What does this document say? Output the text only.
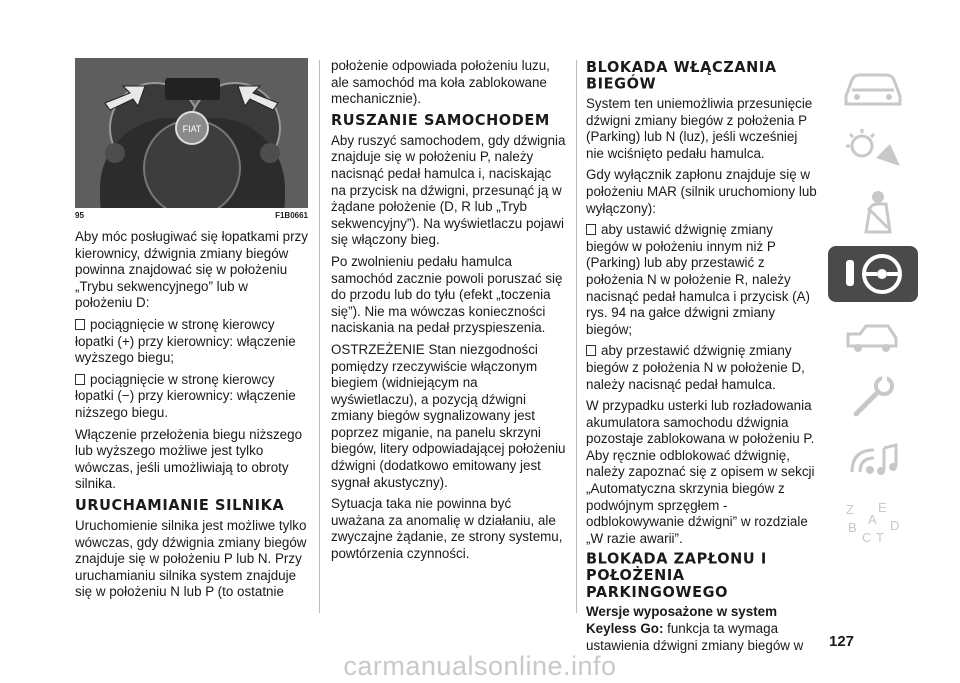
FIAT
95	F1B0661

Aby móc posługiwać się łopatkami przy kierownicy, dźwignia zmiany biegów powinna znajdować się w położeniu „Trybu sekwencyjnego” lub w położeniu D:

pociągnięcie w stronę kierowcy łopatki (+) przy kierownicy: włączenie wyższego biegu;

pociągnięcie w stronę kierowcy łopatki (−) przy kierownicy: włączenie niższego biegu.

Włączenie przełożenia biegu niższego lub wyższego możliwe jest tylko wówczas, jeśli umożliwiają to obroty silnika.

URUCHAMIANIE SILNIKA

Uruchomienie silnika jest możliwe tylko wówczas, gdy dźwignia zmiany biegów znajduje się w położeniu P lub N. Przy uruchamianiu silnika system znajduje się w położeniu N lub P (to ostatnie

położenie odpowiada położeniu luzu, ale samochód ma koła zablokowane mechanicznie).

RUSZANIE SAMOCHODEM

Aby ruszyć samochodem, gdy dźwignia znajduje się w położeniu P, należy nacisnąć pedał hamulca i, naciskając na przycisk na dźwigni, przesunąć ją w żądane położenie (D, R lub „Tryb sekwencyjny”). Na wyświetlaczu pojawi się włączony bieg.

Po zwolnieniu pedału hamulca samochód zacznie powoli poruszać się do przodu lub do tyłu (efekt „toczenia się”). Nie ma wówczas konieczności naciskania na pedał przyspieszenia.

OSTRZEŻENIE Stan niezgodności pomiędzy rzeczywiście włączonym biegiem (widniejącym na wyświetlaczu), a pozycją dźwigni zmiany biegów sygnalizowany jest poprzez miganie, na panelu skrzyni biegów, litery odpowiadającej położeniu dźwigni (dodatkowo emitowany jest sygnał akustyczny).

Sytuacja taka nie powinna być uważana za anomalię w działaniu, ale zwyczajne żądanie, ze strony systemu, powtórzenia czynności.

BLOKADA WŁĄCZANIA BIEGÓW

System ten uniemożliwia przesunięcie dźwigni zmiany biegów z położenia P (Parking) lub N (luz), jeśli wcześniej nie wciśnięto pedału hamulca.

Gdy wyłącznik zapłonu znajduje się w położeniu MAR (silnik uruchomiony lub wyłączony):

aby ustawić dźwignię zmiany biegów w położeniu innym niż P (Parking) lub aby przestawić z położenia N w położenie R, należy nacisnąć pedał hamulca i przycisk (A) rys. 94 na gałce dźwigni zmiany biegów;

aby przestawić dźwignię zmiany biegów z położenia N w położenie D, należy nacisnąć pedał hamulca.

W przypadku usterki lub rozładowania akumulatora samochodu dźwignia pozostaje zablokowana w położeniu P. Aby ręcznie odblokować dźwignię, należy zapoznać się z opisem w sekcji „Automatyczna skrzynia biegów z podwójnym sprzęgłem - odblokowywanie dźwigni” w rozdziale „W razie awarii”.

BLOKADA ZAPŁONU I POŁOŻENIA PARKINGOWEGO

Wersje wyposażone w system Keyless Go: funkcja ta wymaga ustawienia dźwigni zmiany biegów w

Z E
B
A D
C T
127
carmanualsonline.info
